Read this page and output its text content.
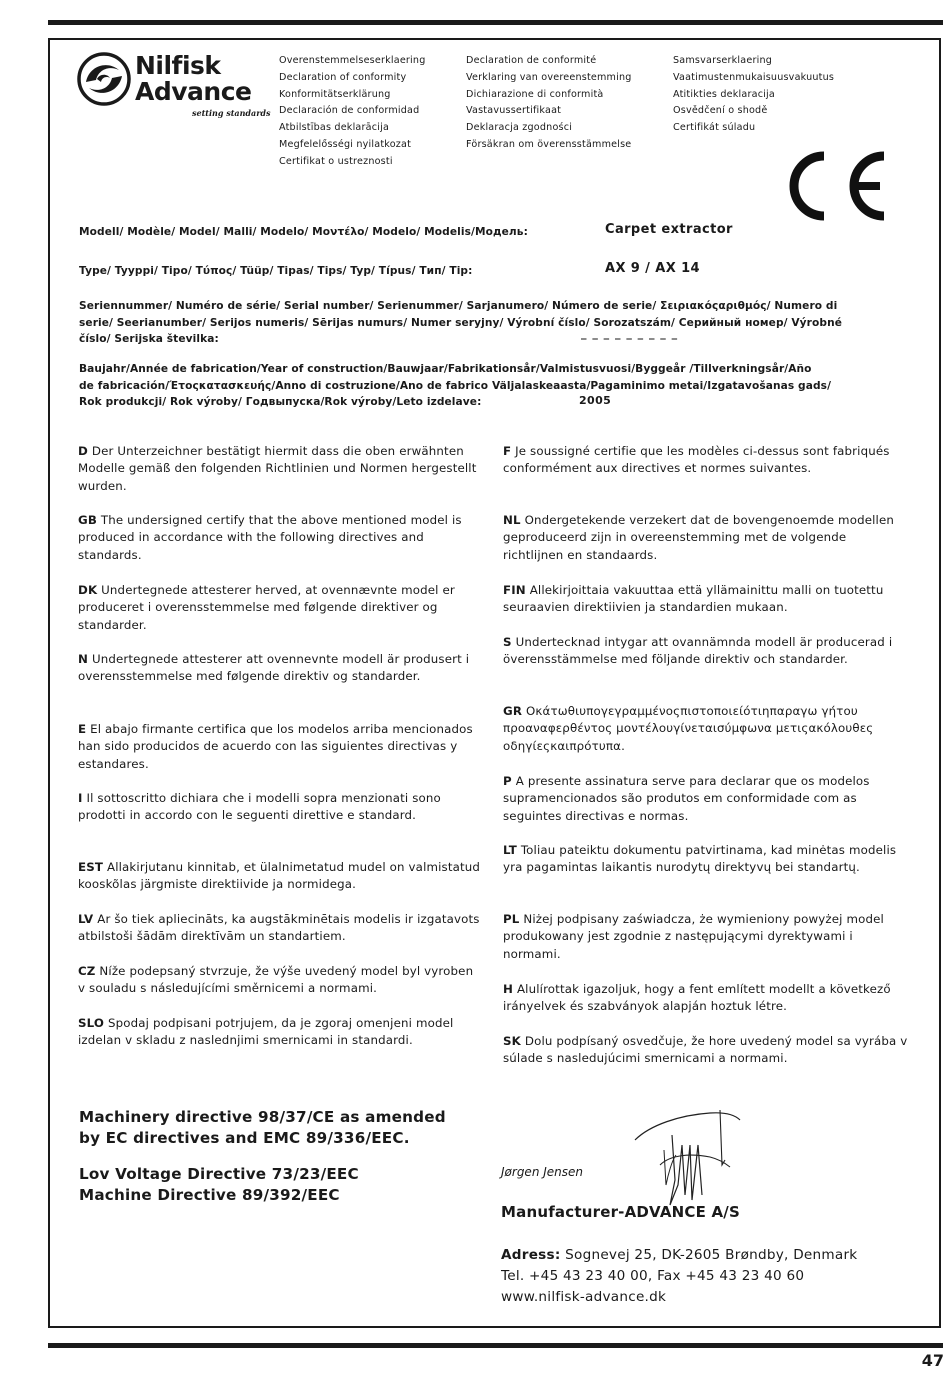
Nilfisk
Advance
setting standards
Overenstemmelseserklaering
Declaration of conformity
Konformitätserklärung
Declaración de conformidad
Atbilstības deklarācija
Megfelelősségi nyilatkozat
Certifikat o ustreznosti
Declaration de conformité
Verklaring van overeenstemming
Dichiarazione di conformità
Vastavussertifikaat
Deklaracja zgodności
Försäkran om överensstämmelse
Samsvarserklaering
Vaatimustenmukaisuusvakuutus
Atitikties deklaracija
Osvědčení o shodě
Certifikát súladu
Modell/ Modèle/ Model/ Malli/ Modelo/ Μοντέλο/ Modelo/ Modelis/Модель:	Carpet extractor
Type/ Tyyppi/ Tipo/ Tύπος/ Tüüp/ Tipas/ Tips/ Typ/ Típus/ Тип/ Tip:	AX 9 / AX 14
Seriennummer/ Numéro de série/ Serial number/ Serienummer/ Sarjanumero/ Número de serie/ Σειριακόςαριθμός/ Numero di
serie/ Seerianumber/ Serijos numeris/ Sērijas numurs/ Numer seryjny/ Výrobní číslo/ Sorozatszám/ Серийный номер/ Výrobné
číslo/ Serijska številka:	_ _ _ _ _ _ _ _ _
Baujahr/Année de fabrication/Year of construction/Bauwjaar/Fabrikationsår/Valmistusvuosi/Byggeår /Tillverkningsår/Año
de fabricación/Έτοςκατασκευής/Anno di costruzione/Ano de fabrico Väljalaskeaasta/Pagaminimo metai/Izgatavošanas gads/
Rok produkcji/ Rok výroby/ Годвыпуска/Rok výroby/Leto izdelave:	2005
D Der Unterzeichner bestätigt hiermit dass die oben erwähnten Modelle gemäß den folgenden Richtlinien und Normen hergestellt wurden.
GB The undersigned certify that the above mentioned model is produced in accordance with the following directives and standards.
DK Undertegnede attesterer herved, at ovennævnte model er produceret i overensstemmelse med følgende direktiver og standarder.
N Undertegnede attesterer att ovennevnte modell är produsert i overensstemmelse med følgende direktiv og standarder.
E El abajo firmante certifica que los modelos arriba mencionados han sido producidos de acuerdo con las siguientes directivas y estandares.
I Il sottoscritto dichiara che i modelli sopra menzionati sono prodotti in accordo con le seguenti direttive e standard.
EST Allakirjutanu kinnitab, et ülalnimetatud mudel on valmistatud kooskõlas järgmiste direktiivide ja normidega.
LV Ar šo tiek apliecināts, ka augstākminētais modelis ir izgatavots atbilstoši šādām direktīvām un standartiem.
CZ Níže podepsaný stvrzuje, že výše uvedený model byl vyroben v souladu s následujícími směrnicemi a normami.
SLO Spodaj podpisani potrjujem, da je zgoraj omenjeni model izdelan v skladu z naslednjimi smernicami in standardi.
F Je soussigné certifie que les modèles ci-dessus sont fabriqués conformément aux directives et normes suivantes.
NL Ondergetekende verzekert dat de bovengenoemde modellen geproduceerd zijn in overeenstemming met de volgende richtlijnen en standaards.
FIN Allekirjoittaia vakuuttaa että yllämainittu malli on tuotettu seuraavien direktiivien ja standardien mukaan.
S Undertecknad intygar att ovannämnda modell är producerad i överensstämmelse med följande direktiv och standarder.
GR Οκάτωθιυπογεγραμμένοςπιστοποιείότιηπαραγω γήτου προαναφερθέντος μοντέλουγίνεταισύμφωνα μετιςακόλουθες οδηγίεςκαιπρότυπα.
P A presente assinatura serve para declarar que os modelos supramencionados são produtos em conformidade com as seguintes directivas e normas.
LT Toliau pateiktu dokumentu patvirtinama, kad minėtas modelis yra pagamintas laikantis nurodytų direktyvų bei standartų.
PL Niżej podpisany zaświadcza, że wymieniony powyżej model produkowany jest zgodnie z następującymi dyrektywami i normami.
H Alulírottak igazoljuk, hogy a fent említett modellt a következő irányelvek és szabványok alapján hoztuk létre.
SK Dolu podpísaný osvedčuje, že hore uvedený model sa vyrába v súlade s nasledujúcimi smernicami a normami.
Machinery directive 98/37/CE as amended
by EC directives and EMC 89/336/EEC.
Lov Voltage Directive 73/23/EEC
Machine Directive 89/392/EEC
Jørgen Jensen
Manufacturer-ADVANCE A/S
Adress: Sognevej 25, DK-2605 Brøndby, Denmark
Tel. +45 43 23 40 00, Fax +45 43 23 40 60
www.nilfisk-advance.dk
47
